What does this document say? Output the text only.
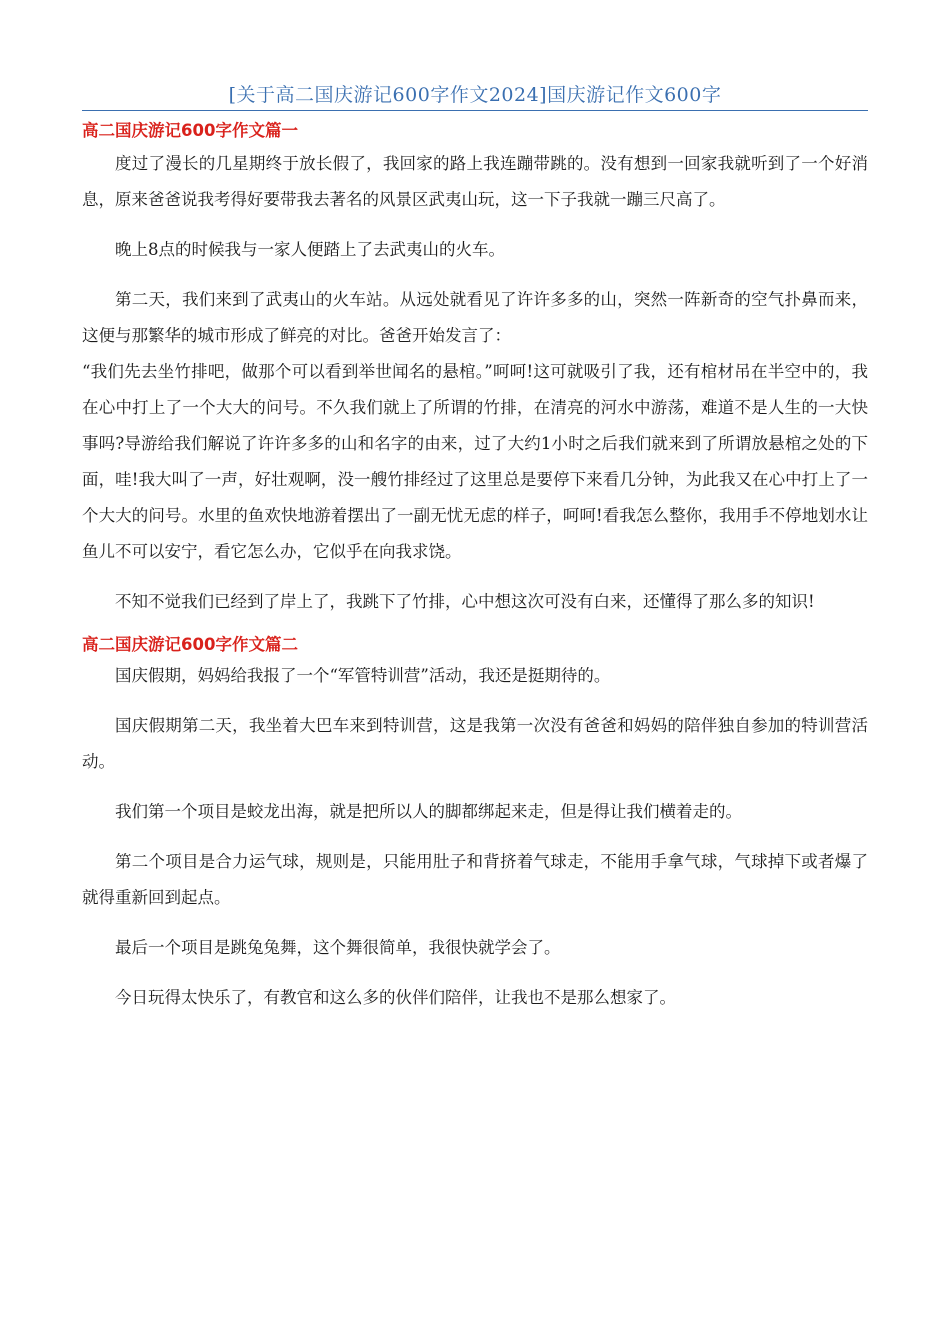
[关于高二国庆游记600字作文2024]国庆游记作文600字
高二国庆游记600字作文篇一

度过了漫长的几星期终于放长假了，我回家的路上我连蹦带跳的。没有想到一回家我就听到了一个好消息，原来爸爸说我考得好要带我去著名的风景区武夷山玩，这一下子我就一蹦三尺高了。

晚上8点的时候我与一家人便踏上了去武夷山的火车。

第二天，我们来到了武夷山的火车站。从远处就看见了许许多多的山，突然一阵新奇的空气扑鼻而来，这便与那繁华的城市形成了鲜亮的对比。爸爸开始发言了：

“我们先去坐竹排吧，做那个可以看到举世闻名的悬棺。”呵呵!这可就吸引了我，还有棺材吊在半空中的，我在心中打上了一个大大的问号。不久我们就上了所谓的竹排，在清亮的河水中游荡，难道不是人生的一大快事吗?导游给我们解说了许许多多的山和名字的由来，过了大约1小时之后我们就来到了所谓放悬棺之处的下面，哇!我大叫了一声，好壮观啊，没一艘竹排经过了这里总是要停下来看几分钟，为此我又在心中打上了一个大大的问号。水里的鱼欢快地游着摆出了一副无忧无虑的样子，呵呵!看我怎么整你，我用手不停地划水让鱼儿不可以安宁，看它怎么办，它似乎在向我求饶。

不知不觉我们已经到了岸上了，我跳下了竹排，心中想这次可没有白来，还懂得了那么多的知识!

高二国庆游记600字作文篇二

国庆假期，妈妈给我报了一个“军管特训营”活动，我还是挺期待的。

国庆假期第二天，我坐着大巴车来到特训营，这是我第一次没有爸爸和妈妈的陪伴独自参加的特训营活动。

我们第一个项目是蛟龙出海，就是把所以人的脚都绑起来走，但是得让我们横着走的。

第二个项目是合力运气球，规则是，只能用肚子和背挤着气球走，不能用手拿气球，气球掉下或者爆了就得重新回到起点。

最后一个项目是跳兔兔舞，这个舞很简单，我很快就学会了。

今日玩得太快乐了，有教官和这么多的伙伴们陪伴，让我也不是那么想家了。
